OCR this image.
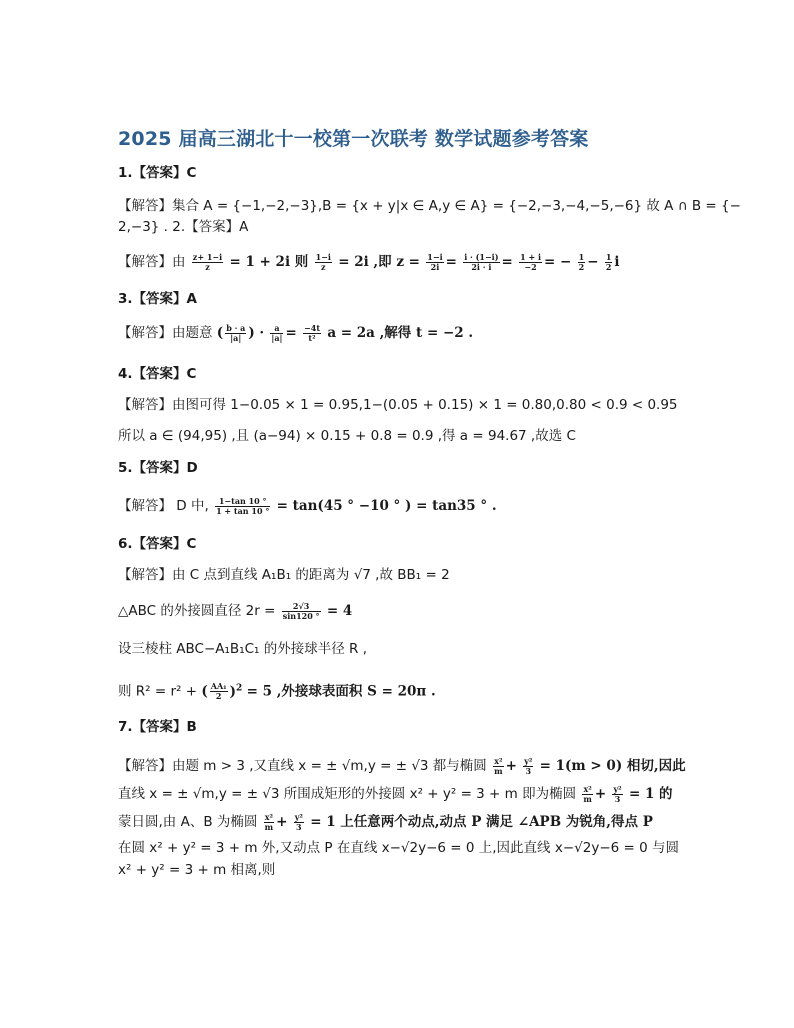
2025 届高三湖北十一校第一次联考 数学试题参考答案
1.【答案】C
【解答】集合 A = {−1,−2,−3},B = {x + y|x ∈ A,y ∈ A} = {−2,−3,−4,−5,−6} 故 A ∩ B = {−
2,−3} . 2.【答案】A
【解答】由 $\frac{z+ 1-i}{z} = 1 + 2i$ 则 $\frac{1-i}{z} = 2i$ ,即 $z = \frac{1-i}{2i} = \frac{i \cdot (1-i)}{2i \cdot i} = \frac{1 + i}{-2}$ = − $\frac{1}{2} - \frac{1}{2}$ i
3.【答案】A
【解答】由题意 ( $\frac{b \cdot a}{|a|}$ ) · $\frac{a}{|a|} = \frac{-4t}{\text{t²}}$ a = 2a ,解得 t = −2 .
4.【答案】C
【解答】由图可得 1−0.05 × 1 = 0.95,1−(0.05 + 0.15) × 1 = 0.80,0.80 < 0.9 < 0.95
所以 a ∈ (94,95) ,且 (a−94) × 0.15 + 0.8 = 0.9 ,得 a = 94.67 ,故选 C
5.【答案】D
【解答】 D 中, $\frac{1-\tan 10 ^\circ}{1 + \tan 10 ^\circ} = \tan(45$ ° −10 ° ) = tan35 ° .
6.【答案】C
【解答】由 C 点到直线 A₁B₁ 的距离为 √7 ,故 BB₁ = 2
△ABC 的外接圆直径 $2r = \frac{2√3}{\sin 120 ^\circ} = 4$
设三棱柱 ABC−A₁B₁C₁ 的外接球半径 R ,
则 R² = r² + ( $\frac{\text{AA₁}}{2} )^2 = 5$ ,外接球表面积 S = 20π .
7.【答案】B
【解答】由题 m > 3 ,又直线 x = ± √m,y = ± √3 都与椭圆 $\frac{\text{x²}}{m} + \frac{\text{y²}}{3} = 1(m > 0)$ 相切,因此
直线 x = ± √m,y = ± √3 所围成矩形的外接圆 x² + y² = 3 + m 即为椭圆 $\frac{\text{x²}}{m} + \frac{\text{y²}}{3} = 1$ 的
蒙日圆,由 A、B 为椭圆 $\frac{\text{x²}}{m} + \frac{\text{y²}}{3} = 1$ 上任意两个动点,动点 P 满足 ∠APB 为锐角,得点 P
在圆 x² + y² = 3 + m 外,又动点 P 在直线 x−√2y−6 = 0 上,因此直线 x−√2y−6 = 0 与圆
x² + y² = 3 + m 相离,则
